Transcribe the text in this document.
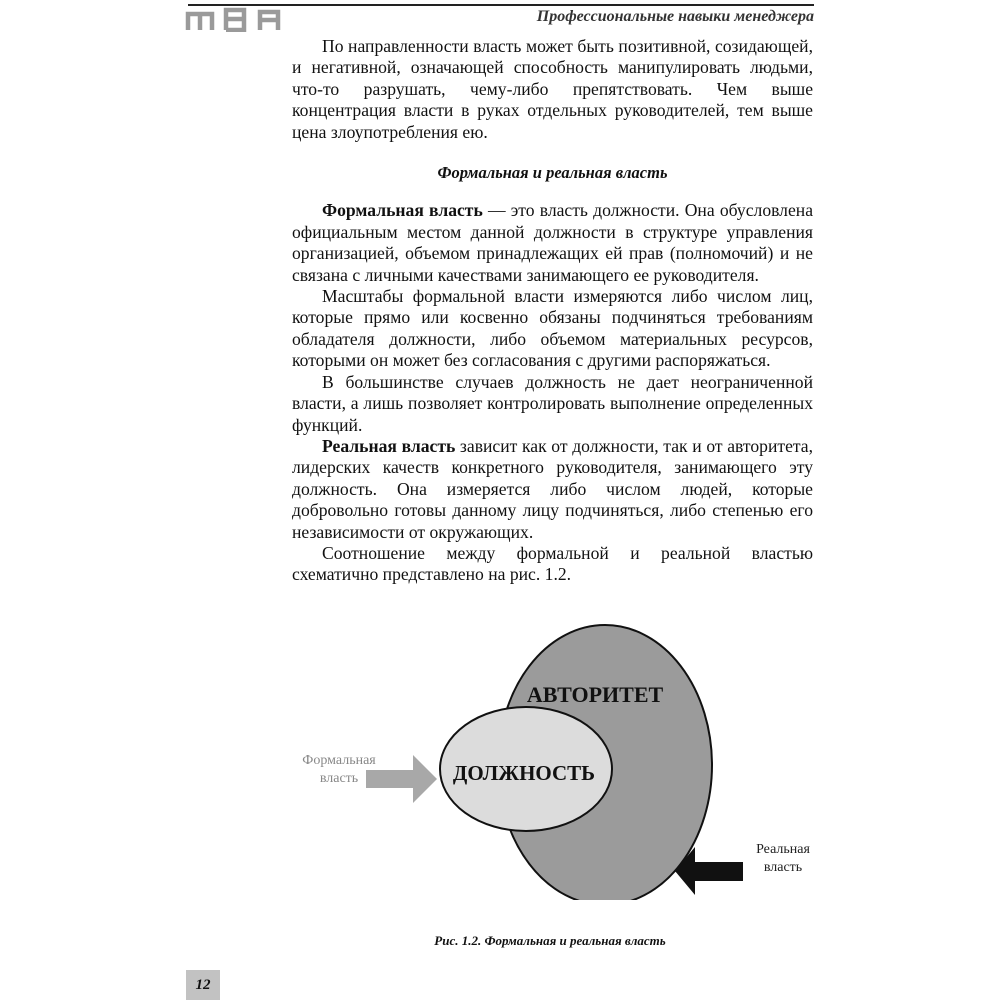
Профессиональные навыки менеджера

По направленности власть может быть позитивной, созидающей, и негативной, означающей способность манипулировать людьми, что-то разрушать, чему-либо препятствовать. Чем выше концентрация власти в руках отдельных руководителей, тем выше цена злоупотребления ею.

Формальная и реальная власть

Формальная власть — это власть должности. Она обусловлена официальным местом данной должности в структуре управления организацией, объемом принадлежащих ей прав (полномочий) и не связана с личными качествами занимающего ее руководителя.

Масштабы формальной власти измеряются либо числом лиц, которые прямо или косвенно обязаны подчиняться требованиям обладателя должности, либо объемом материальных ресурсов, которыми он может без согласования с другими распоряжаться.

В большинстве случаев должность не дает неограниченной власти, а лишь позволяет контролировать выполнение определенных функций.

Реальная власть зависит как от должности, так и от авторитета, лидерских качеств конкретного руководителя, занимающего эту должность. Она измеряется либо числом людей, которые добровольно готовы данному лицу подчиняться, либо степенью его независимости от окружающих.

Соотношение между формальной и реальной властью схематично представлено на рис. 1.2.

АВТОРИТЕТ
ДОЛЖНОСТЬ
Формальная
власть
Реальная
власть
Рис. 1.2. Формальная и реальная власть
12
